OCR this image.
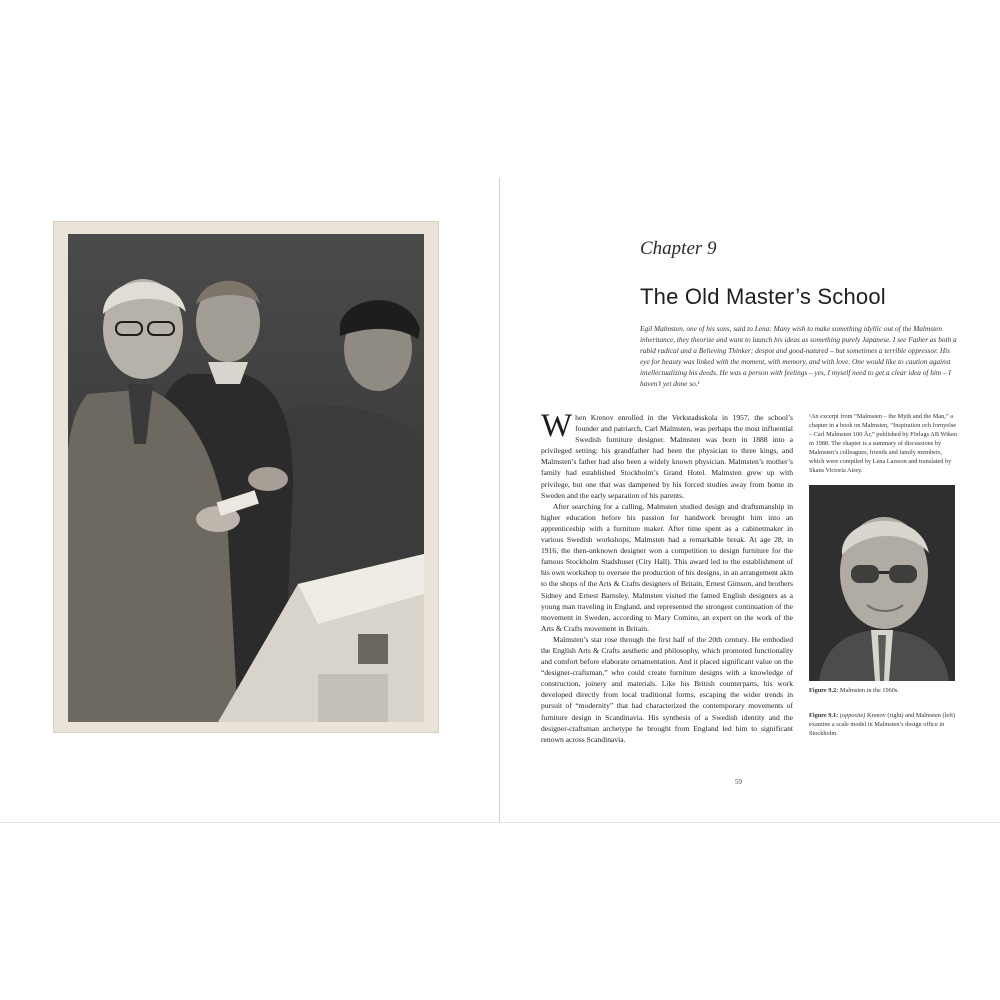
Chapter 9
The Old Master’s School
Egil Malmsten, one of his sons, said to Lena: Many wish to make something idyllic out of the Malmsten inheritance, they theorize and want to launch his ideas as something purely Japanese. I see Father as both a rabid radical and a Believing Thinker; despot and good-natured – but sometimes a terrible oppressor. His eye for beauty was linked with the moment, with memory, and with love. One would like to caution against intellectualizing his deeds. He was a person with feelings – yes, I myself need to get a clear idea of him – I haven’t yet done so.¹

When Krenov enrolled in the Verkstadsskola in 1957, the school’s founder and patriarch, Carl Malmsten, was perhaps the most influential Swedish furniture designer. Malmsten was born in 1888 into a privileged setting: his grandfather had been the physician to three kings, and Malmsten’s father had also been a widely known physician. Malmsten’s mother’s family had established Stockholm’s Grand Hotel. Malmsten grew up with privilege, but one that was dampened by his forced studies away from home in Sweden and the early separation of his parents.

After searching for a calling, Malmsten studied design and draftsmanship in higher education before his passion for handwork brought him into an apprenticeship with a furniture maker. After time spent as a cabinetmaker in various Swedish workshops, Malmsten had a remarkable break. At age 28, in 1916, the then-unknown designer won a competition to design furniture for the famous Stockholm Stadshuset (City Hall). This award led to the establishment of his own workshop to oversee the production of his designs, in an arrangement akin to the shops of the Arts & Crafts designers of Britain, Ernest Gimson, and brothers Sidney and Ernest Barnsley. Malmsten visited the famed English designers as a young man traveling in England, and represented the strongest continuation of the movement in Sweden, according to Mary Comino, an expert on the work of the Arts & Crafts movement in Britain.

Malmsten’s star rose through the first half of the 20th century. He embodied the English Arts & Crafts aesthetic and philosophy, which promoted functionality and comfort before elaborate ornamentation. And it placed significant value on the “designer-craftsman,” who could create furniture designs with a knowledge of construction, joinery and materials. Like his British counterparts, his work developed directly from local traditional forms, escaping the wider trends in pursuit of “modernity” that had characterized the contemporary movements of furniture design in Scandinavia. His synthesis of a Swedish identity and the designer-craftsman archetype he brought from England led him to significant renown across Scandinavia.

¹An excerpt from “Malmsten – the Myth and the Man,” a chapter in a book on Malmsten, “Inspiration och fornyelse – Carl Malmsten 100 År,” published by Förlags AB Wiken in 1988. The chapter is a summary of discussions by Malmsten’s colleagues, friends and family members, which were compiled by Lena Larsson and translated by Skans Victoria Airey.
Figure 9.2: Malmsten in the 1960s.
Figure 9.1: (opposite) Krenov (right) and Malmsten (left) examine a scale model in Malmsten’s design office in Stockholm.
59
